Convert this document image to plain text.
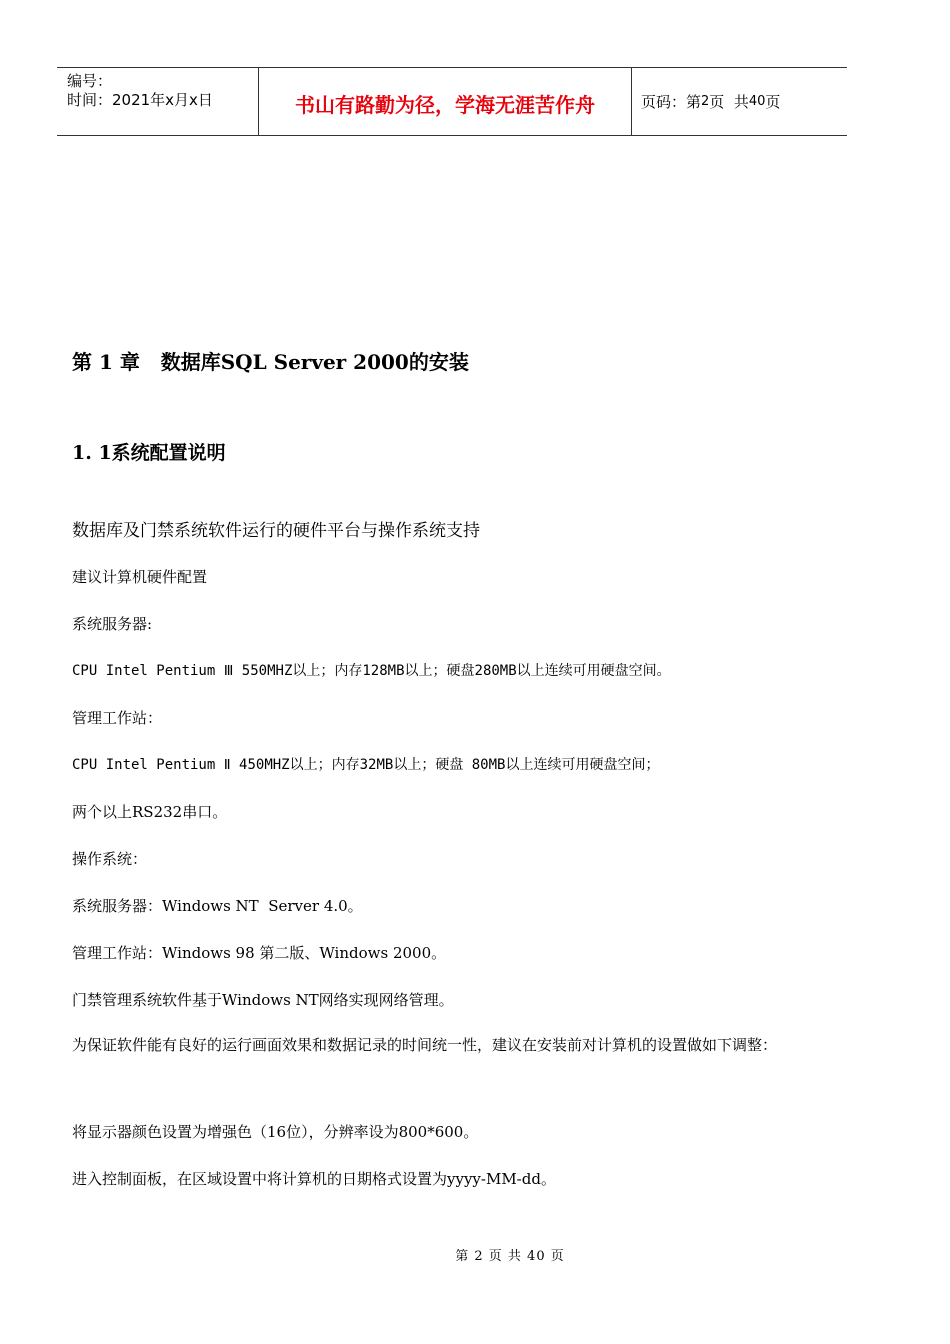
编号：
时间：2021年x月x日	书山有路勤为径，学海无涯苦作舟	页码：第 2 页  共 40 页
第 1 章   数据库SQL Server 2000的安装
1. 1系统配置说明
数据库及门禁系统软件运行的硬件平台与操作系统支持
建议计算机硬件配置
系统服务器:
CPU Intel Pentium Ⅲ 550MHZ以上；内存128MB以上；硬盘280MB以上连续可用硬盘空间。
管理工作站：
CPU Intel Pentium Ⅱ 450MHZ以上；内存32MB以上；硬盘 80MB以上连续可用硬盘空间；
两个以上RS232串口。
操作系统：
系统服务器：Windows NT  Server 4.0。
管理工作站：Windows 98 第二版、Windows 2000。
门禁管理系统软件基于Windows NT网络实现网络管理。
为保证软件能有良好的运行画面效果和数据记录的时间统一性，建议在安装前对计算机的设置做如下调整：
将显示器颜色设置为增强色（16位），分辨率设为800*600。
进入控制面板，在区域设置中将计算机的日期格式设置为yyyy-MM-dd。
第 2 页 共 40 页
